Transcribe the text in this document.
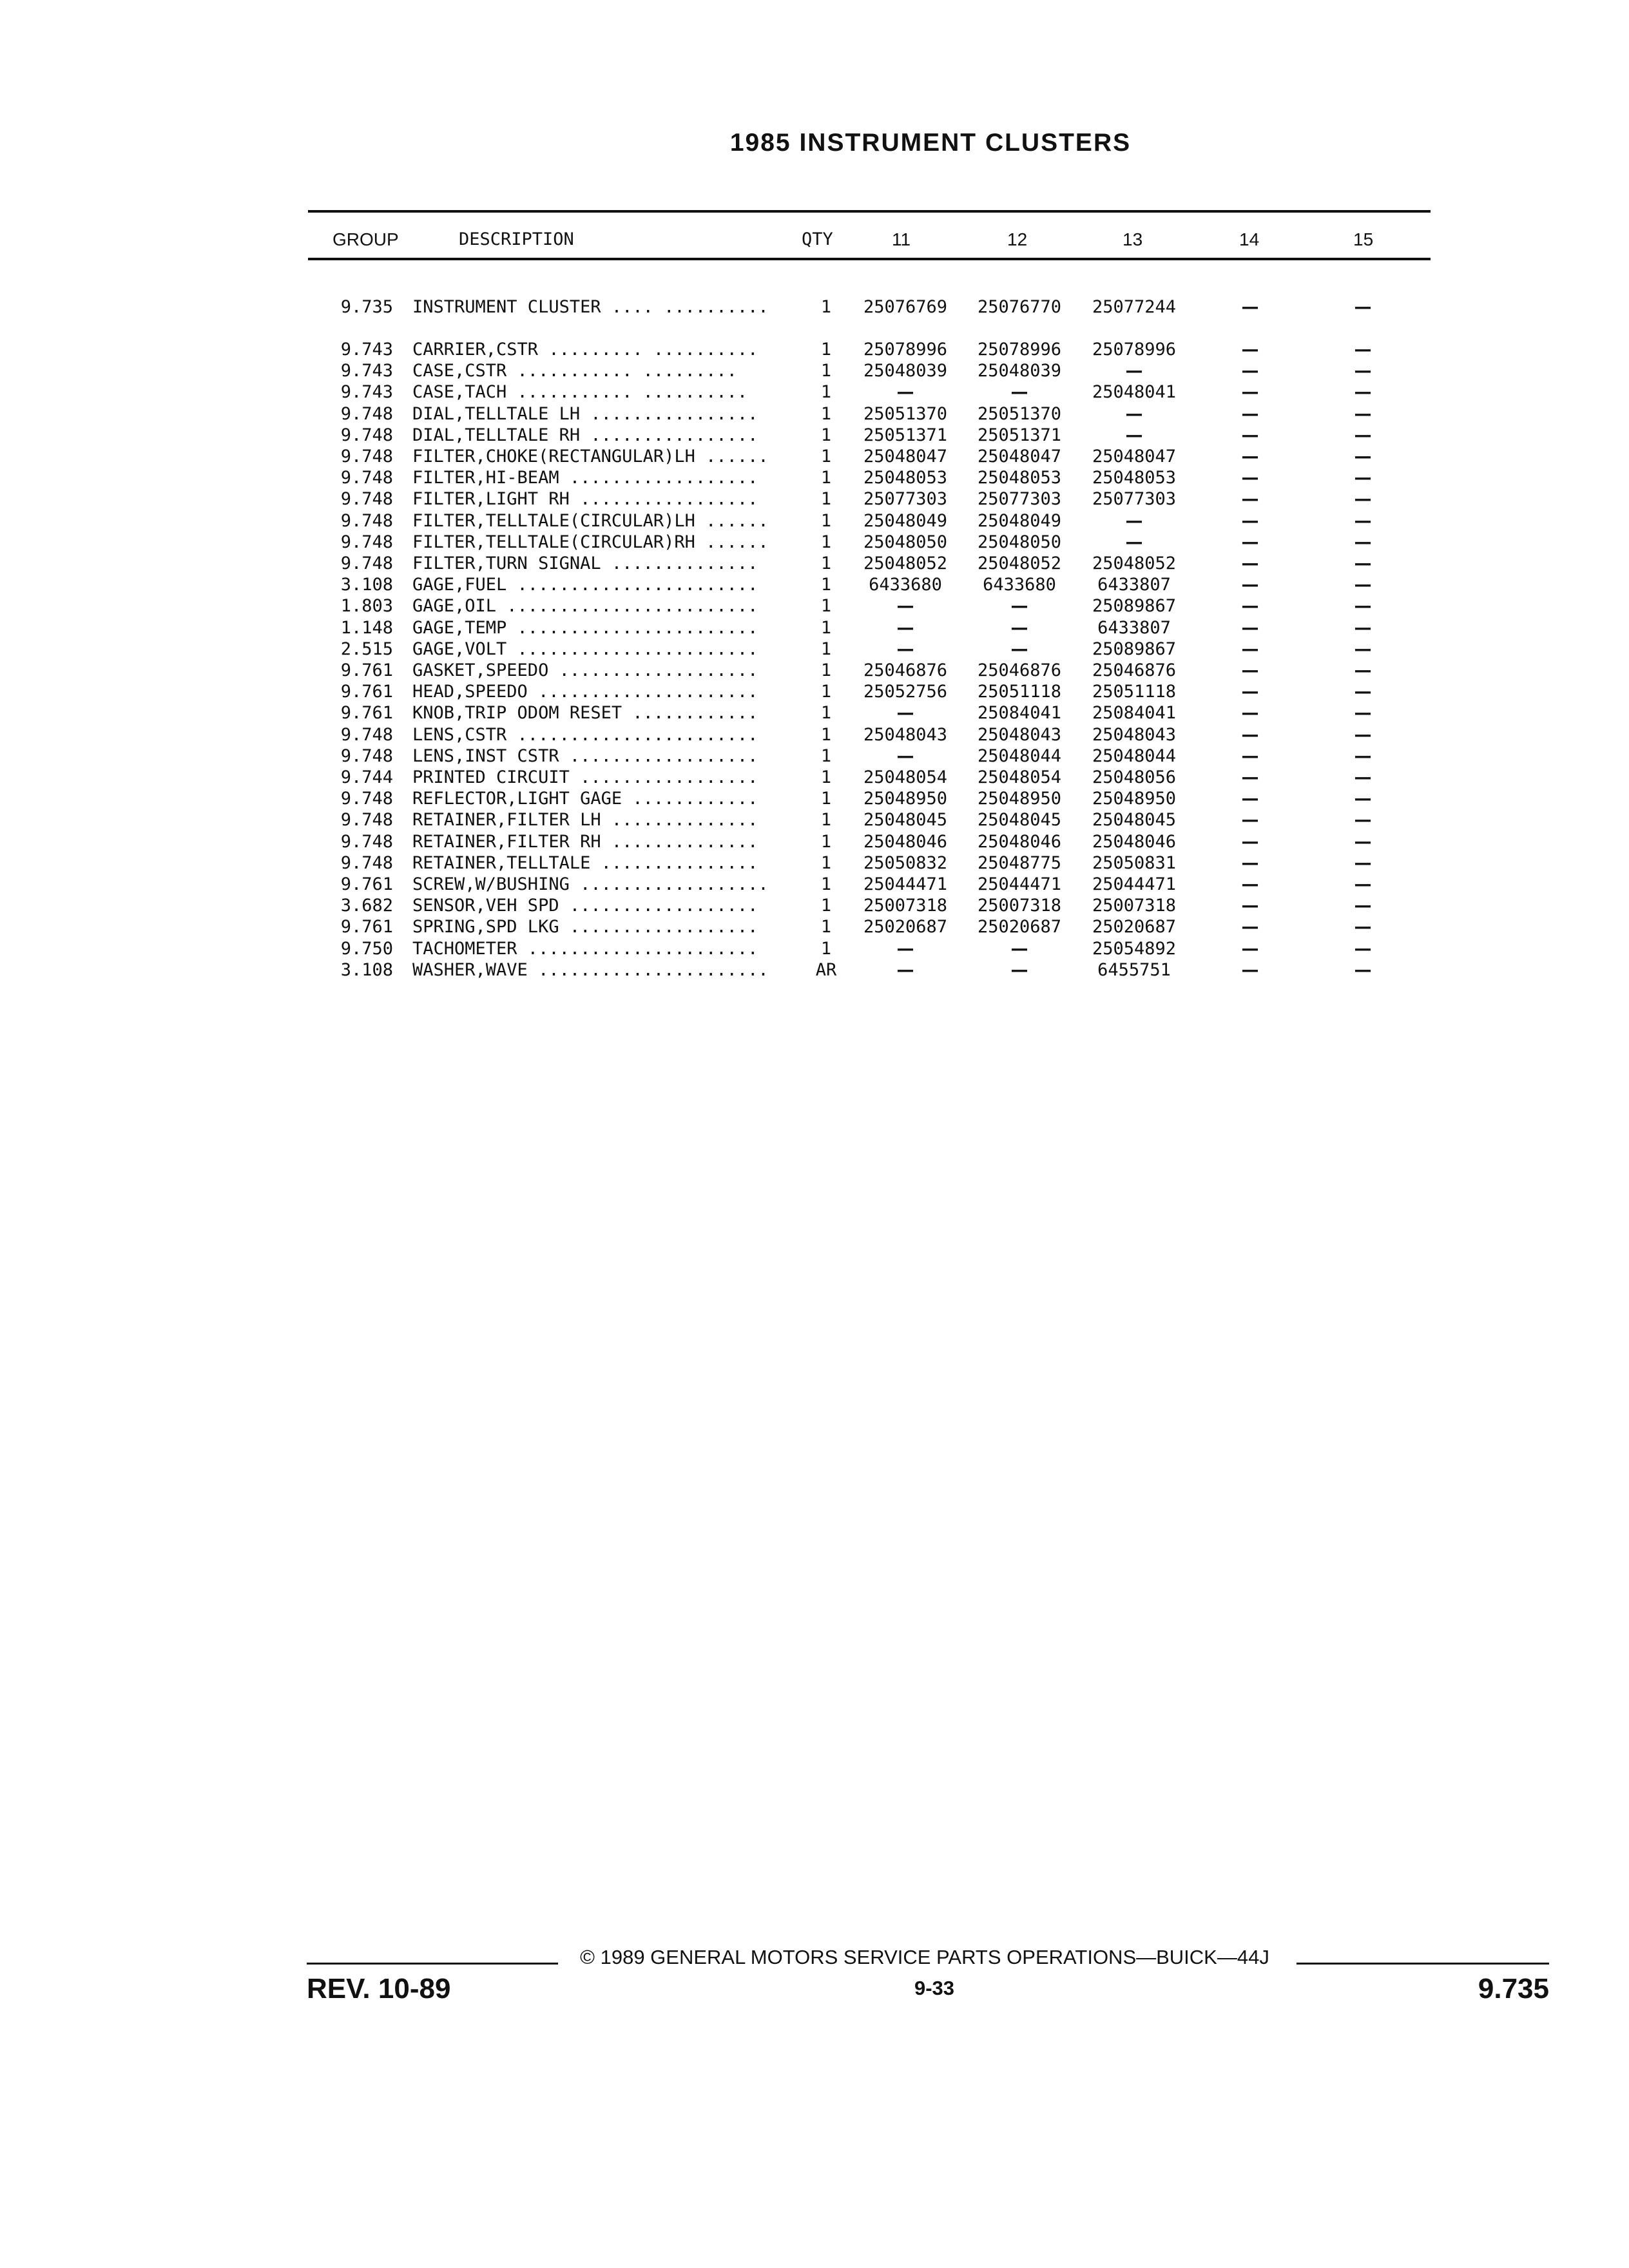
1985 INSTRUMENT CLUSTERS
GROUP	DESCRIPTION	QTY	11	12	13	14	15
9.735 INSTRUMENT CLUSTER .... ..........	1	25076769	25076770	25077244	—	—
9.743 CARRIER,CSTR ......... ..........	1	25078996	25078996	25078996	—	—
9.743 CASE,CSTR ........... .........	1	25048039	25048039	—	—	—
9.743 CASE,TACH ........... ..........	1	—	—	25048041	—	—
9.748 DIAL,TELLTALE LH ................	1	25051370	25051370	—	—	—
9.748 DIAL,TELLTALE RH ................	1	25051371	25051371	—	—	—
9.748 FILTER,CHOKE(RECTANGULAR)LH ......	1	25048047	25048047	25048047	—	—
9.748 FILTER,HI-BEAM ..................	1	25048053	25048053	25048053	—	—
9.748 FILTER,LIGHT RH .................	1	25077303	25077303	25077303	—	—
9.748 FILTER,TELLTALE(CIRCULAR)LH ......	1	25048049	25048049	—	—	—
9.748 FILTER,TELLTALE(CIRCULAR)RH ......	1	25048050	25048050	—	—	—
9.748 FILTER,TURN SIGNAL ..............	1	25048052	25048052	25048052	—	—
3.108 GAGE,FUEL .......................	1	6433680	6433680	6433807	—	—
1.803 GAGE,OIL ........................	1	—	—	25089867	—	—
1.148 GAGE,TEMP .......................	1	—	—	6433807	—	—
2.515 GAGE,VOLT .......................	1	—	—	25089867	—	—
9.761 GASKET,SPEEDO ...................	1	25046876	25046876	25046876	—	—
9.761 HEAD,SPEEDO .....................	1	25052756	25051118	25051118	—	—
9.761 KNOB,TRIP ODOM RESET ............	1	—	25084041	25084041	—	—
9.748 LENS,CSTR .......................	1	25048043	25048043	25048043	—	—
9.748 LENS,INST CSTR ..................	1	—	25048044	25048044	—	—
9.744 PRINTED CIRCUIT .................	1	25048054	25048054	25048056	—	—
9.748 REFLECTOR,LIGHT GAGE ............	1	25048950	25048950	25048950	—	—
9.748 RETAINER,FILTER LH ..............	1	25048045	25048045	25048045	—	—
9.748 RETAINER,FILTER RH ..............	1	25048046	25048046	25048046	—	—
9.748 RETAINER,TELLTALE ...............	1	25050832	25048775	25050831	—	—
9.761 SCREW,W/BUSHING ..................	1	25044471	25044471	25044471	—	—
3.682 SENSOR,VEH SPD ..................	1	25007318	25007318	25007318	—	—
9.761 SPRING,SPD LKG ..................	1	25020687	25020687	25020687	—	—
9.750 TACHOMETER ......................	1	—	—	25054892	—	—
3.108 WASHER,WAVE ......................	AR	—	—	6455751	—	—
© 1989 GENERAL MOTORS SERVICE PARTS OPERATIONS—BUICK—44J
REV. 10-89	9-33	9.735
